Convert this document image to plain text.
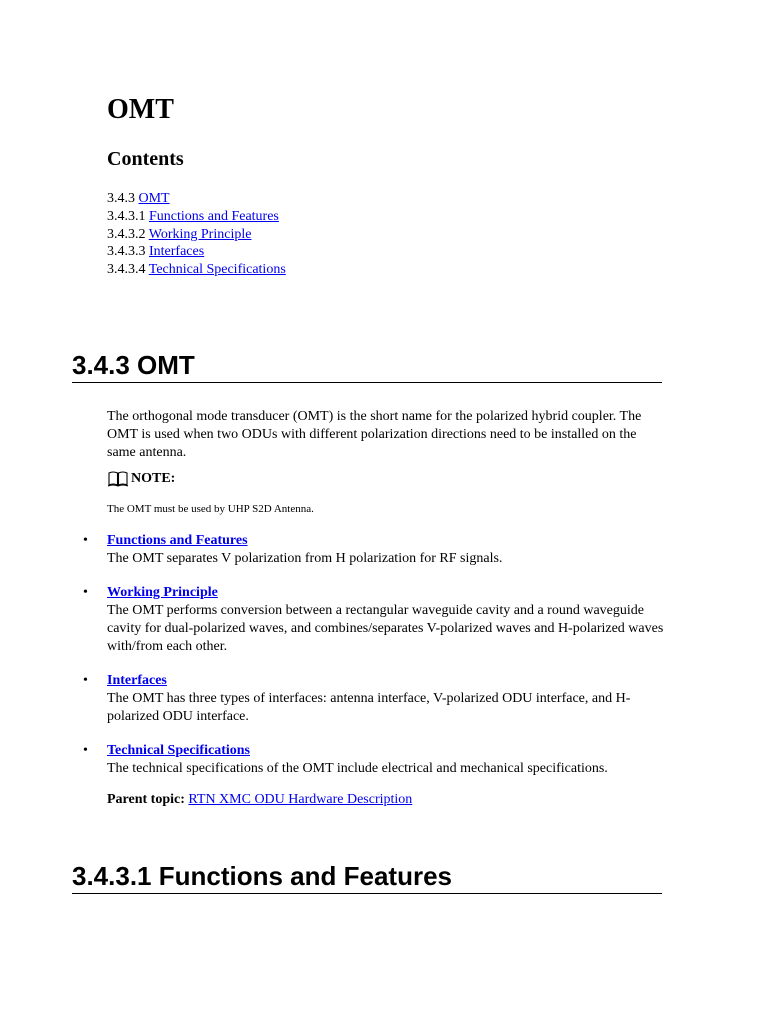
OMT
Contents
3.4.3 OMT
3.4.3.1 Functions and Features
3.4.3.2 Working Principle
3.4.3.3 Interfaces
3.4.3.4 Technical Specifications
3.4.3 OMT

The orthogonal mode transducer (OMT) is the short name for the polarized hybrid coupler. The OMT is used when two ODUs with different polarization directions need to be installed on the same antenna.

NOTE:
The OMT must be used by UHP S2D Antenna.
• Functions and Features
The OMT separates V polarization from H polarization for RF signals.
• Working Principle
The OMT performs conversion between a rectangular waveguide cavity and a round waveguide cavity for dual-polarized waves, and combines/separates V-polarized waves and H-polarized waves with/from each other.
• Interfaces
The OMT has three types of interfaces: antenna interface, V-polarized ODU interface, and H-polarized ODU interface.
• Technical Specifications
The technical specifications of the OMT include electrical and mechanical specifications.
Parent topic: RTN XMC ODU Hardware Description
3.4.3.1 Functions and Features
